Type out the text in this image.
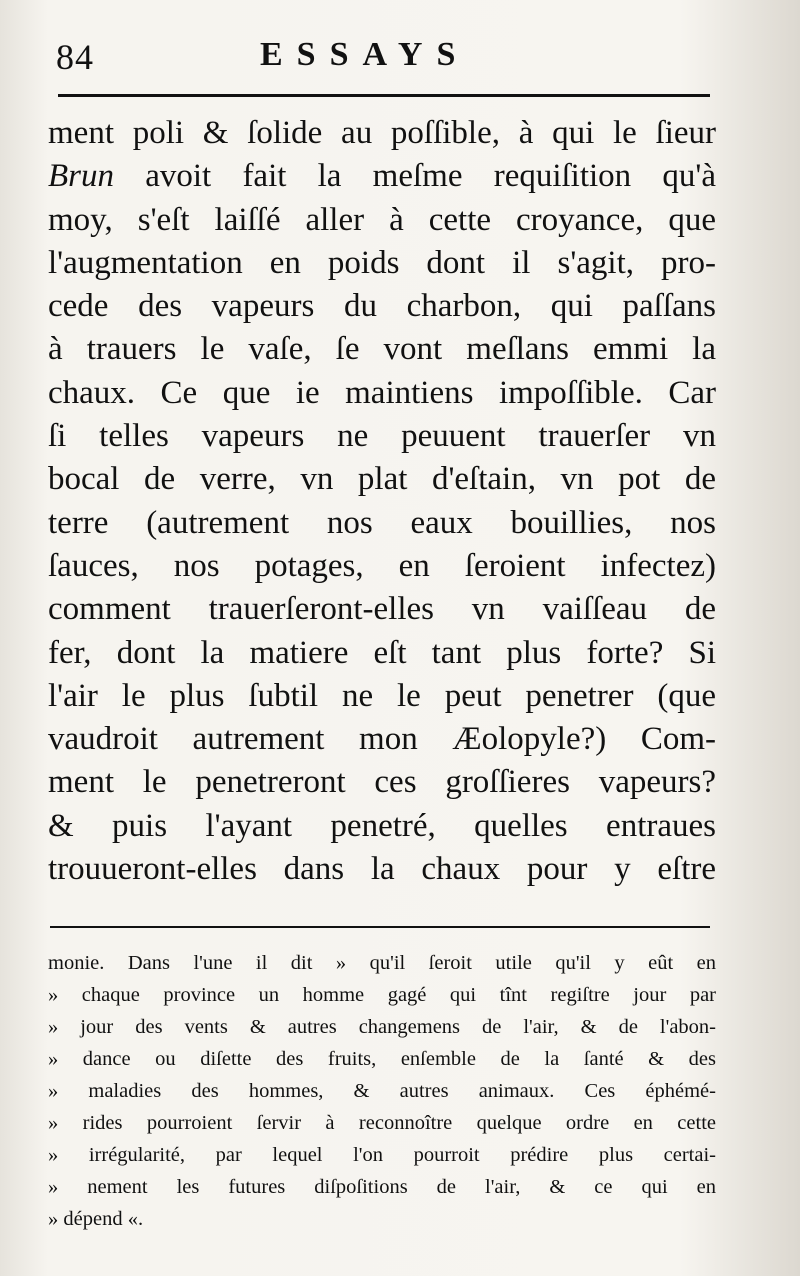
84	ESSAYS
ment poli & ſolide au poſſible, à qui le ſieur
Brun avoit fait la meſme requiſition qu'à
moy, s'eſt laiſſé aller à cette croyance, que
l'augmentation en poids dont il s'agit, pro-
cede des vapeurs du charbon, qui paſſans
à trauers le vaſe, ſe vont meſlans emmi la
chaux. Ce que ie maintiens impoſſible. Car
ſi telles vapeurs ne peuuent trauerſer vn
bocal de verre, vn plat d'eſtain, vn pot de
terre (autrement nos eaux bouillies, nos
ſauces, nos potages, en ſeroient infectez)
comment trauerſeront-elles vn vaiſſeau de
fer, dont la matiere eſt tant plus forte? Si
l'air le plus ſubtil ne le peut penetrer (que
vaudroit autrement mon Æolopyle?) Com-
ment le penetreront ces groſſieres vapeurs?
& puis l'ayant penetré, quelles entraues
trouueront-elles dans la chaux pour y eſtre
monie. Dans l'une il dit » qu'il ſeroit utile qu'il y eût en
» chaque province un homme gagé qui tînt regiſtre jour par
» jour des vents & autres changemens de l'air, & de l'abon-
» dance ou diſette des fruits, enſemble de la ſanté & des
» maladies des hommes, & autres animaux. Ces éphémé-
» rides pourroient ſervir à reconnoître quelque ordre en cette
» irrégularité, par lequel l'on pourroit prédire plus certai-
» nement les futures diſpoſitions de l'air, & ce qui en
» dépend «.
